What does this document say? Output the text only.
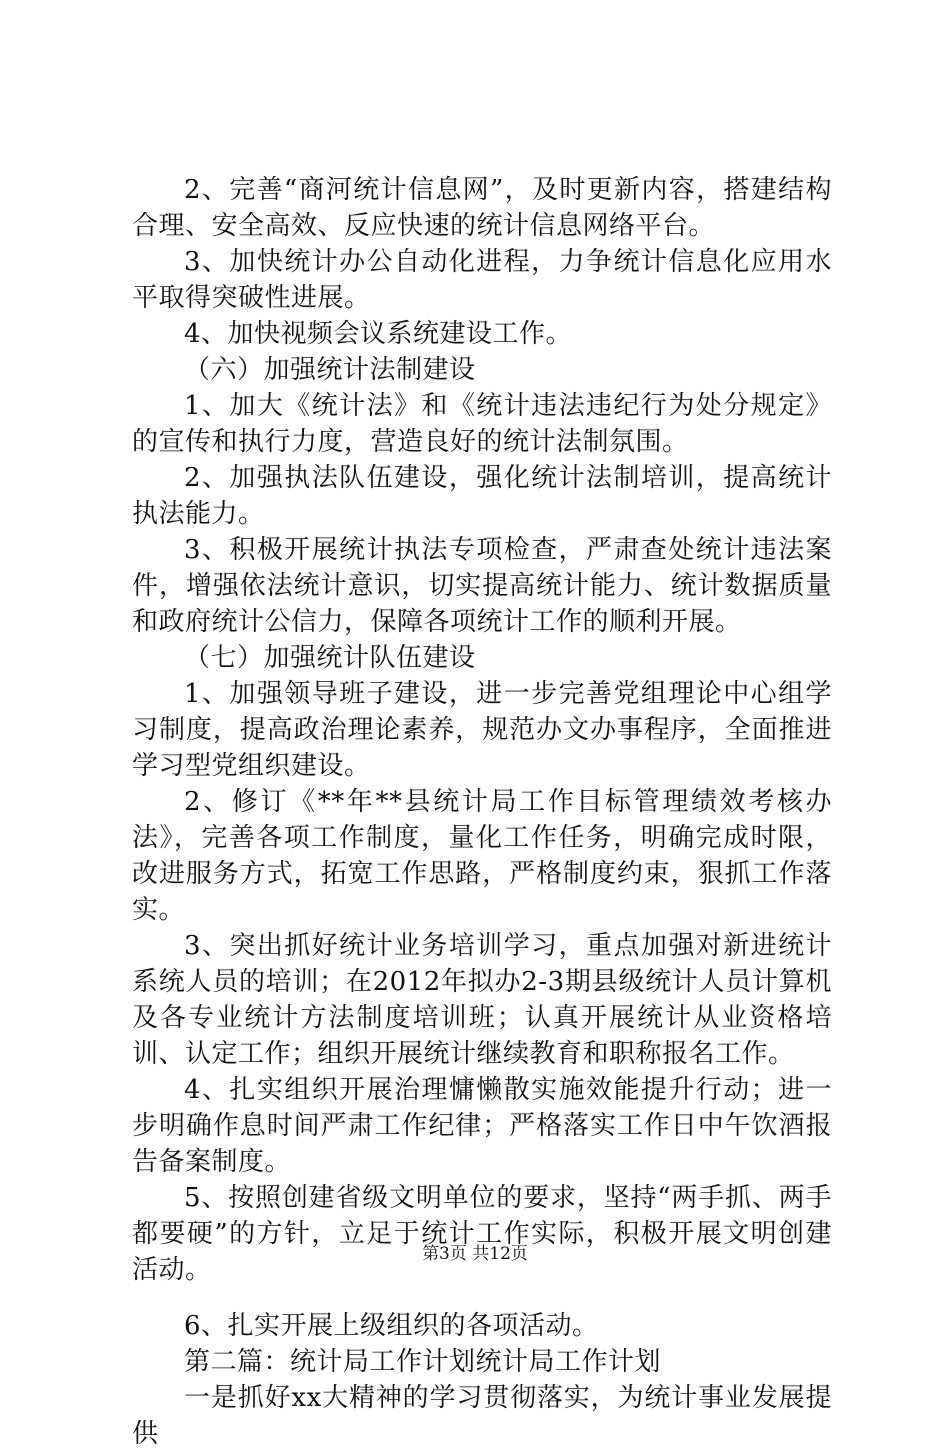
2、完善“商河统计信息网”，及时更新内容，搭建结构合理、安全高效、反应快速的统计信息网络平台。

3、加快统计办公自动化进程，力争统计信息化应用水平取得突破性进展。

4、加快视频会议系统建设工作。

（六）加强统计法制建设

1、加大《统计法》和《统计违法违纪行为处分规定》的宣传和执行力度，营造良好的统计法制氛围。

2、加强执法队伍建设，强化统计法制培训，提高统计执法能力。

3、积极开展统计执法专项检查，严肃查处统计违法案件，增强依法统计意识，切实提高统计能力、统计数据质量和政府统计公信力，保障各项统计工作的顺利开展。

（七）加强统计队伍建设

1、加强领导班子建设，进一步完善党组理论中心组学习制度，提高政治理论素养，规范办文办事程序，全面推进学习型党组织建设。

2、修订《**年**县统计局工作目标管理绩效考核办法》，完善各项工作制度，量化工作任务，明确完成时限，改进服务方式，拓宽工作思路，严格制度约束，狠抓工作落实。

3、突出抓好统计业务培训学习，重点加强对新进统计系统人员的培训；在2012年拟办2-3期县级统计人员计算机及各专业统计方法制度培训班；认真开展统计从业资格培训、认定工作；组织开展统计继续教育和职称报名工作。

4、扎实组织开展治理慵懒散实施效能提升行动；进一步明确作息时间严肃工作纪律；严格落实工作日中午饮酒报告备案制度。

5、按照创建省级文明单位的要求，坚持“两手抓、两手都要硬”的方针，立足于统计工作实际，积极开展文明创建活动。

6、扎实开展上级组织的各项活动。

第二篇：统计局工作计划统计局工作计划

一是抓好xx大精神的学习贯彻落实，为统计事业发展提供

第3页 共12页
